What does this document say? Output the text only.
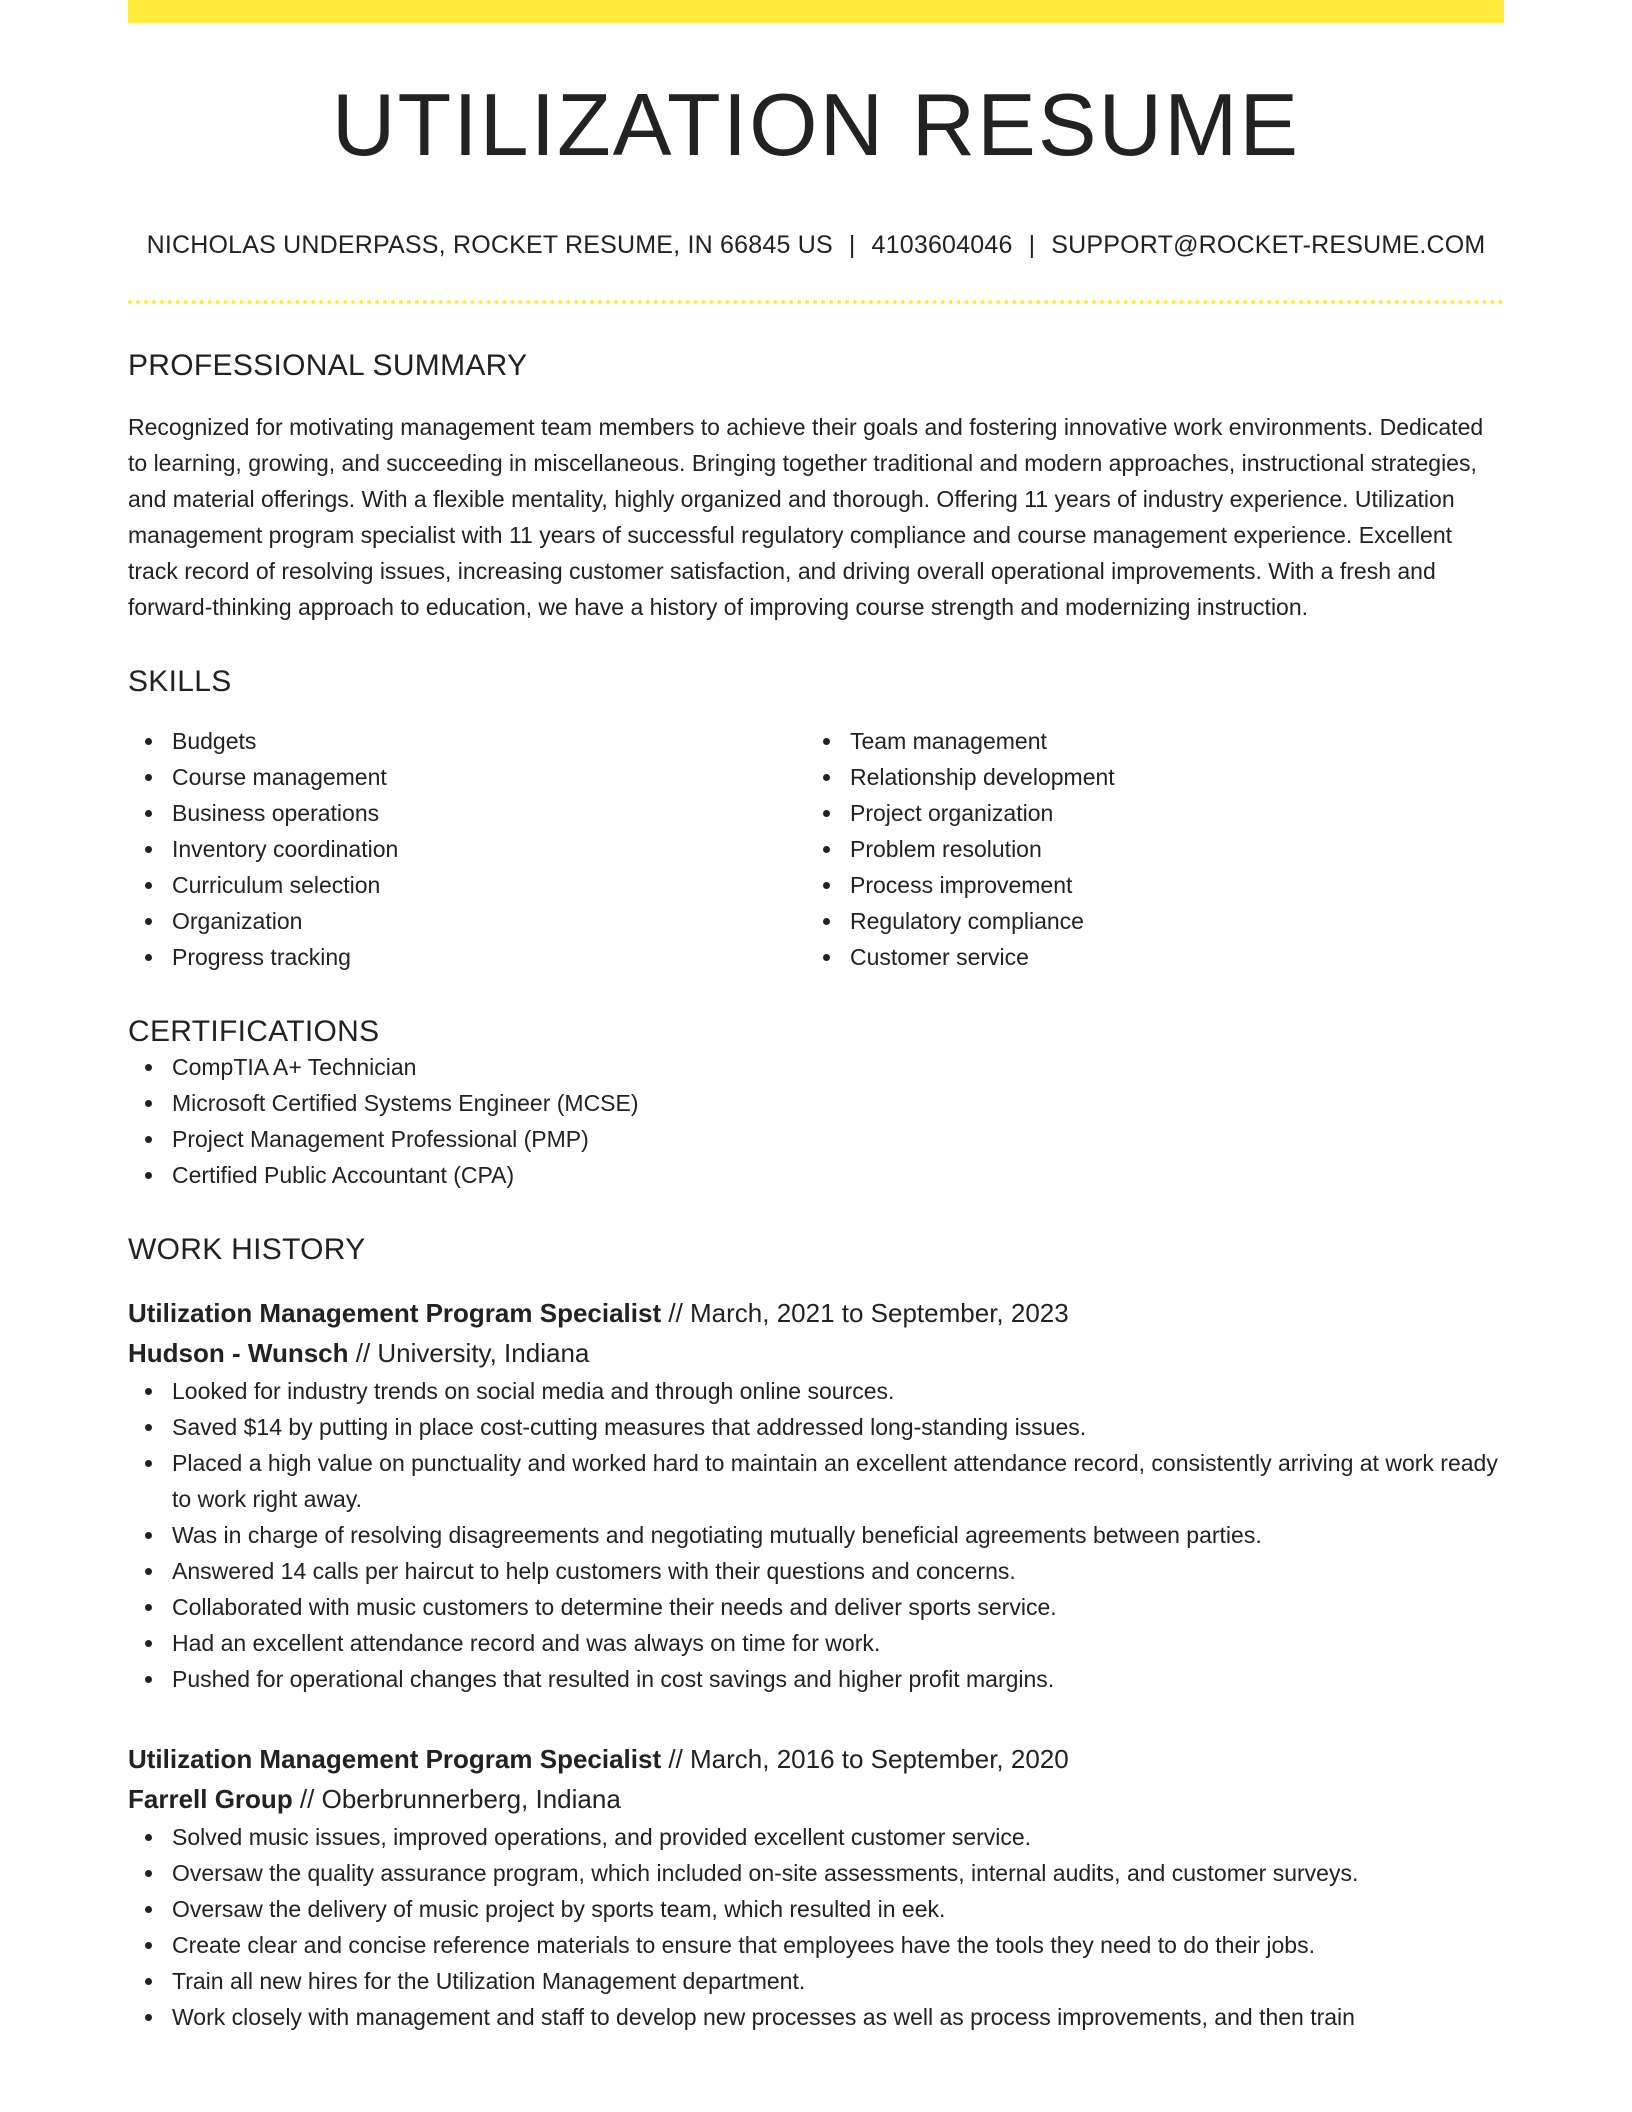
UTILIZATION RESUME
NICHOLAS UNDERPASS, ROCKET RESUME, IN 66845 US | 4103604046 | SUPPORT@ROCKET-RESUME.COM
PROFESSIONAL SUMMARY
Recognized for motivating management team members to achieve their goals and fostering innovative work environments. Dedicated to learning, growing, and succeeding in miscellaneous. Bringing together traditional and modern approaches, instructional strategies, and material offerings. With a flexible mentality, highly organized and thorough. Offering 11 years of industry experience. Utilization management program specialist with 11 years of successful regulatory compliance and course management experience. Excellent track record of resolving issues, increasing customer satisfaction, and driving overall operational improvements. With a fresh and forward-thinking approach to education, we have a history of improving course strength and modernizing instruction.
SKILLS
Budgets
Course management
Business operations
Inventory coordination
Curriculum selection
Organization
Progress tracking
Team management
Relationship development
Project organization
Problem resolution
Process improvement
Regulatory compliance
Customer service
CERTIFICATIONS
CompTIA A+ Technician
Microsoft Certified Systems Engineer (MCSE)
Project Management Professional (PMP)
Certified Public Accountant (CPA)
WORK HISTORY
Utilization Management Program Specialist // March, 2021 to September, 2023
Hudson - Wunsch // University, Indiana
Looked for industry trends on social media and through online sources.
Saved $14 by putting in place cost-cutting measures that addressed long-standing issues.
Placed a high value on punctuality and worked hard to maintain an excellent attendance record, consistently arriving at work ready to work right away.
Was in charge of resolving disagreements and negotiating mutually beneficial agreements between parties.
Answered 14 calls per haircut to help customers with their questions and concerns.
Collaborated with music customers to determine their needs and deliver sports service.
Had an excellent attendance record and was always on time for work.
Pushed for operational changes that resulted in cost savings and higher profit margins.
Utilization Management Program Specialist // March, 2016 to September, 2020
Farrell Group // Oberbrunnerberg, Indiana
Solved music issues, improved operations, and provided excellent customer service.
Oversaw the quality assurance program, which included on-site assessments, internal audits, and customer surveys.
Oversaw the delivery of music project by sports team, which resulted in eek.
Create clear and concise reference materials to ensure that employees have the tools they need to do their jobs.
Train all new hires for the Utilization Management department.
Work closely with management and staff to develop new processes as well as process improvements, and then train
